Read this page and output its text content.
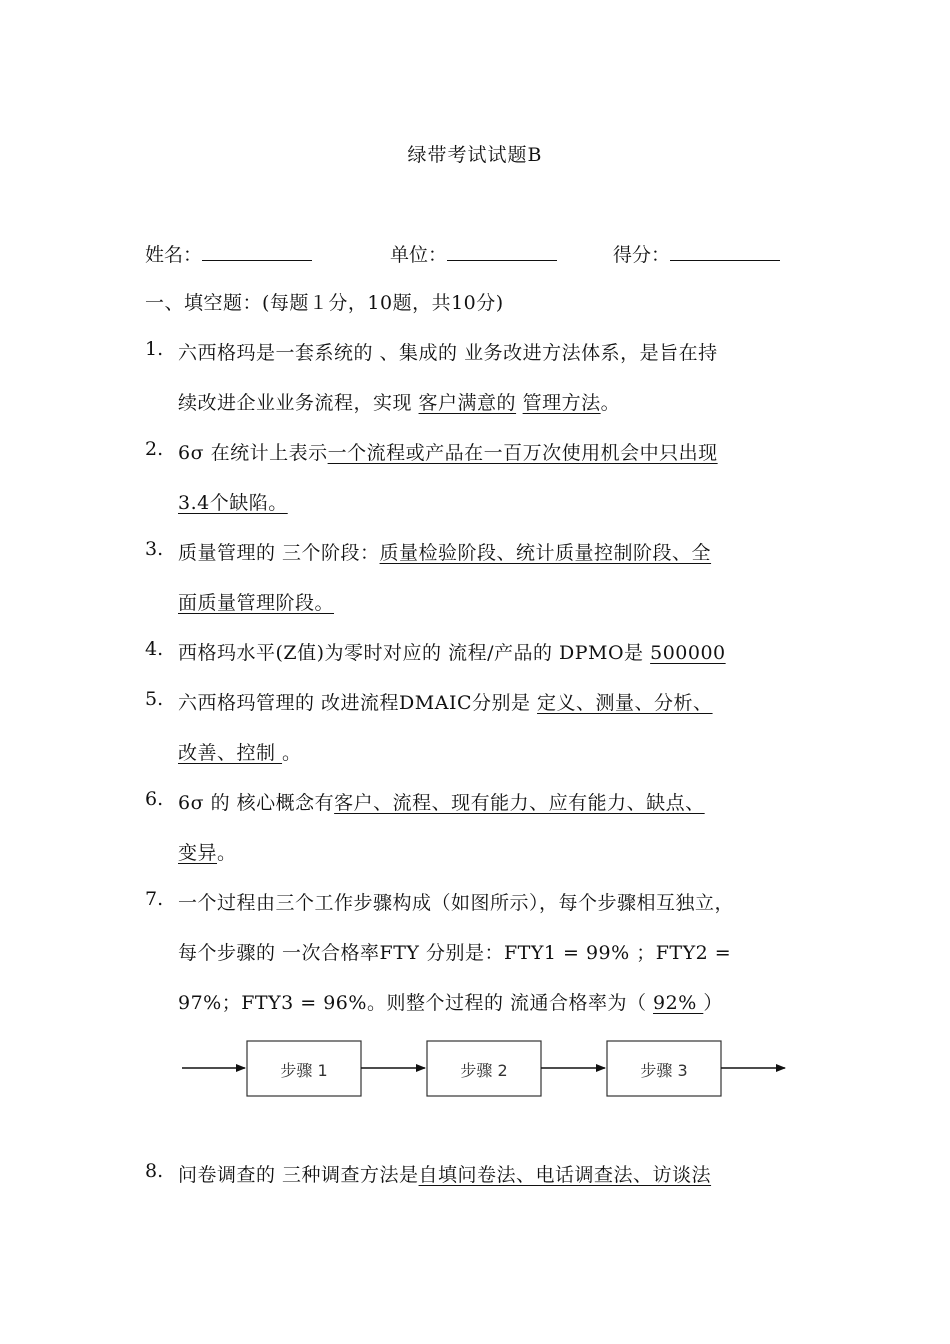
绿带考试试题B
姓名：	单位：	得分：
一、填空题：(每题１分，10题，共10分)
1. 六西格玛是一套系统的 、集成的 业务改进方法体系，是旨在持
续改进企业业务流程，实现 客户满意的 管理方法。
2. 6σ 在统计上表示一个流程或产品在一百万次使用机会中只出现
3.4个缺陷。
3. 质量管理的 三个阶段：质量检验阶段、统计质量控制阶段、全
面质量管理阶段。
4. 西格玛水平(Z值)为零时对应的 流程/产品的 DPMO是 500000
5. 六西格玛管理的 改进流程DMAIC分别是 定义、测量、分析、
改善、控制 。
6. 6σ 的 核心概念有客户、流程、现有能力、应有能力、缺点、
变异。
7. 一个过程由三个工作步骤构成（如图所示），每个步骤相互独立，
每个步骤的 一次合格率FTY 分别是：FTY1 = 99% ；FTY2 =
97%；FTY3 = 96%。则整个过程的 流通合格率为（ 92% ）
步骤 1	步骤 2	步骤 3
8. 问卷调查的 三种调查方法是自填问卷法、电话调查法、访谈法
